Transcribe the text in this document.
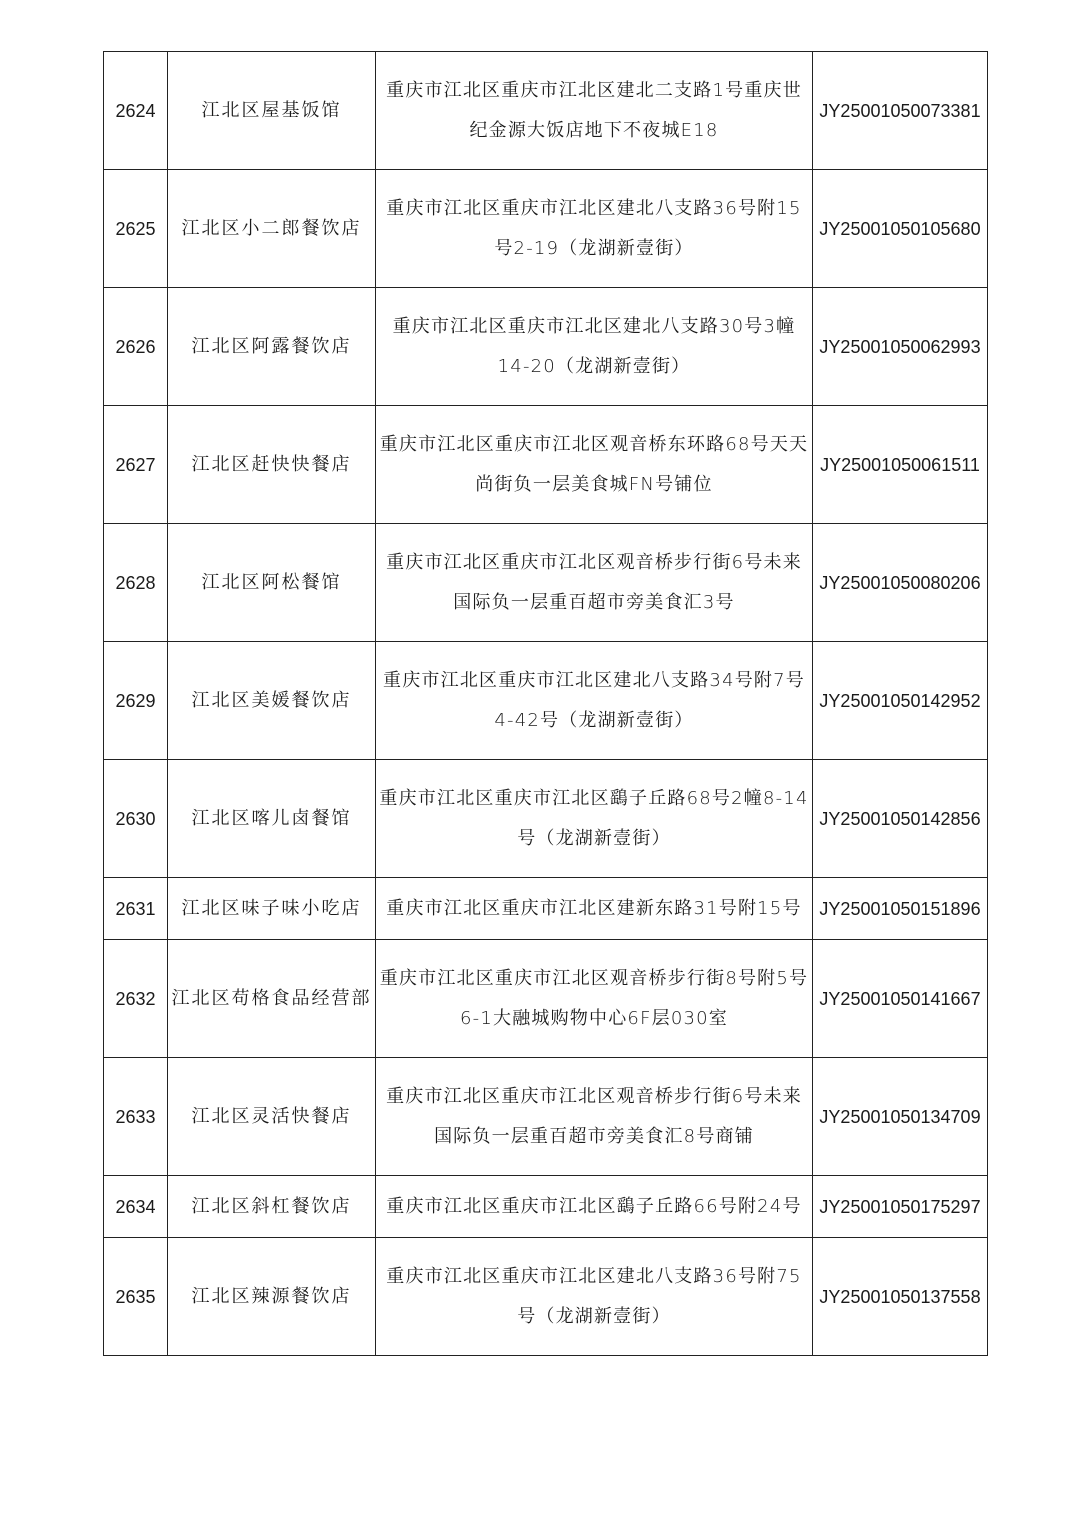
2624	江北区屋基饭馆	重庆市江北区重庆市江北区建北二支路1号重庆世纪金源大饭店地下不夜城E18	JY25001050073381
2625	江北区小二郎餐饮店	重庆市江北区重庆市江北区建北八支路36号附15号2-19（龙湖新壹街）	JY25001050105680
2626	江北区阿露餐饮店	重庆市江北区重庆市江北区建北八支路30号3幢14-20（龙湖新壹街）	JY25001050062993
2627	江北区赶快快餐店	重庆市江北区重庆市江北区观音桥东环路68号天天尚街负一层美食城FN号铺位	JY25001050061511
2628	江北区阿松餐馆	重庆市江北区重庆市江北区观音桥步行街6号未来国际负一层重百超市旁美食汇3号	JY25001050080206
2629	江北区美媛餐饮店	重庆市江北区重庆市江北区建北八支路34号附7号4-42号（龙湖新壹街）	JY25001050142952
2630	江北区喀儿卤餐馆	重庆市江北区重庆市江北区鷂子丘路68号2幢8-14号（龙湖新壹街）	JY25001050142856
2631	江北区味子味小吃店	重庆市江北区重庆市江北区建新东路31号附15号	JY25001050151896
2632	江北区苟格食品经营部	重庆市江北区重庆市江北区观音桥步行街8号附5号6-1大融城购物中心6F层030室	JY25001050141667
2633	江北区灵活快餐店	重庆市江北区重庆市江北区观音桥步行街6号未来国际负一层重百超市旁美食汇8号商铺	JY25001050134709
2634	江北区斜杠餐饮店	重庆市江北区重庆市江北区鷂子丘路66号附24号	JY25001050175297
2635	江北区辣源餐饮店	重庆市江北区重庆市江北区建北八支路36号附75号（龙湖新壹街）	JY25001050137558
